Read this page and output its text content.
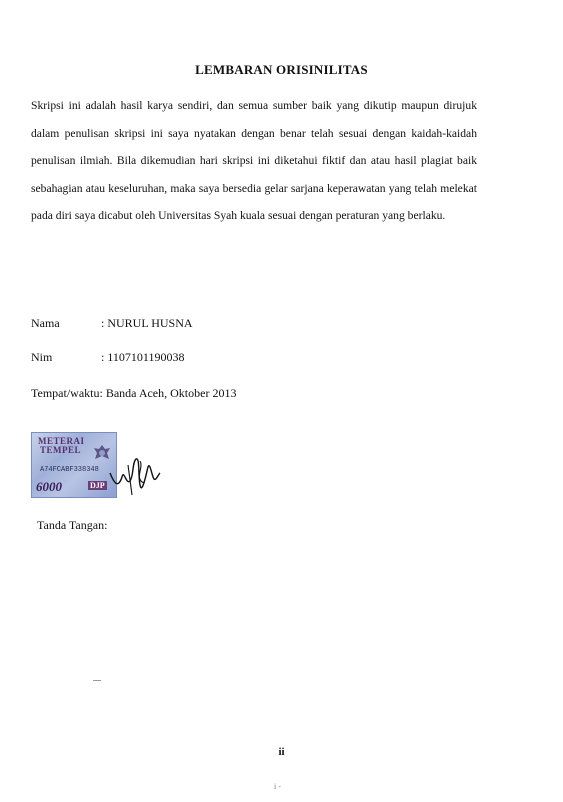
LEMBARAN ORISINILITAS

Skripsi ini adalah hasil karya sendiri, dan semua sumber baik yang dikutip maupun dirujuk dalam penulisan skripsi ini saya nyatakan dengan benar telah sesuai dengan kaidah-kaidah penulisan ilmiah. Bila dikemudian hari skripsi ini diketahui fiktif dan atau hasil plagiat baik sebahagian atau keseluruhan, maka saya bersedia gelar sarjana keperawatan yang telah melekat pada diri saya dicabut oleh Universitas Syah kuala sesuai dengan peraturan yang berlaku.

Nama	: NURUL HUSNA
Nim	: 1107101190038
Tempat/waktu: Banda Aceh, Oktober 2013
METERAI
TEMPEL
A74FCABF338348
6000	DJP
Tanda Tangan:
ii
i -
